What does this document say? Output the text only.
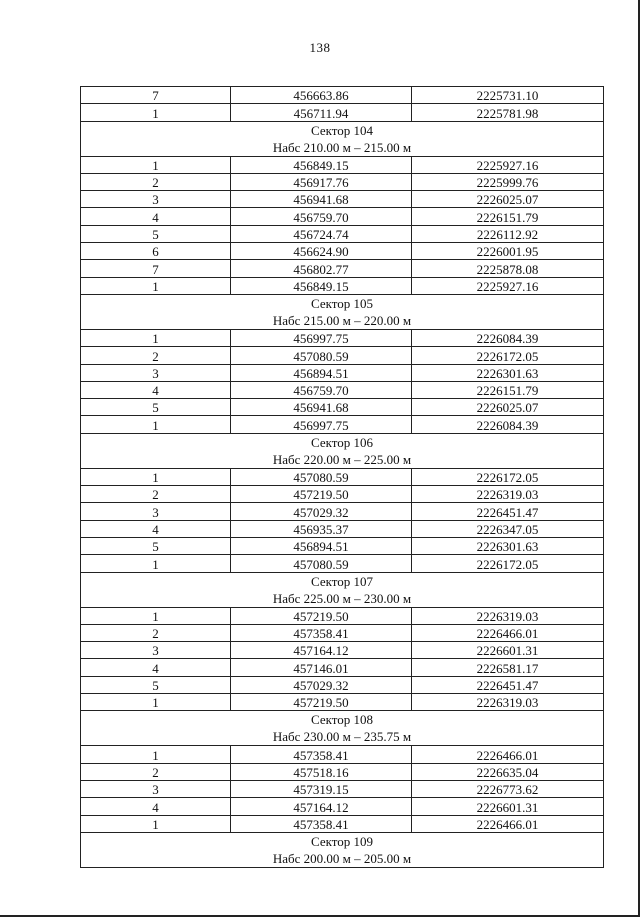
138
7	456663.86	2225731.10
1	456711.94	2225781.98

Сектор 104
Набс 210.00 м – 215.00 м		

1	456849.15	2225927.16
2	456917.76	2225999.76
3	456941.68	2226025.07
4	456759.70	2226151.79
5	456724.74	2226112.92
6	456624.90	2226001.95
7	456802.77	2225878.08
1	456849.15	2225927.16

Сектор 105
Набс 215.00 м – 220.00 м		

1	456997.75	2226084.39
2	457080.59	2226172.05
3	456894.51	2226301.63
4	456759.70	2226151.79
5	456941.68	2226025.07
1	456997.75	2226084.39

Сектор 106
Набс 220.00 м – 225.00 м		

1	457080.59	2226172.05
2	457219.50	2226319.03
3	457029.32	2226451.47
4	456935.37	2226347.05
5	456894.51	2226301.63
1	457080.59	2226172.05

Сектор 107
Набс 225.00 м – 230.00 м		

1	457219.50	2226319.03
2	457358.41	2226466.01
3	457164.12	2226601.31
4	457146.01	2226581.17
5	457029.32	2226451.47
1	457219.50	2226319.03

Сектор 108
Набс 230.00 м – 235.75 м		

1	457358.41	2226466.01
2	457518.16	2226635.04
3	457319.15	2226773.62
4	457164.12	2226601.31
1	457358.41	2226466.01

Сектор 109
Набс 200.00 м – 205.00 м		
